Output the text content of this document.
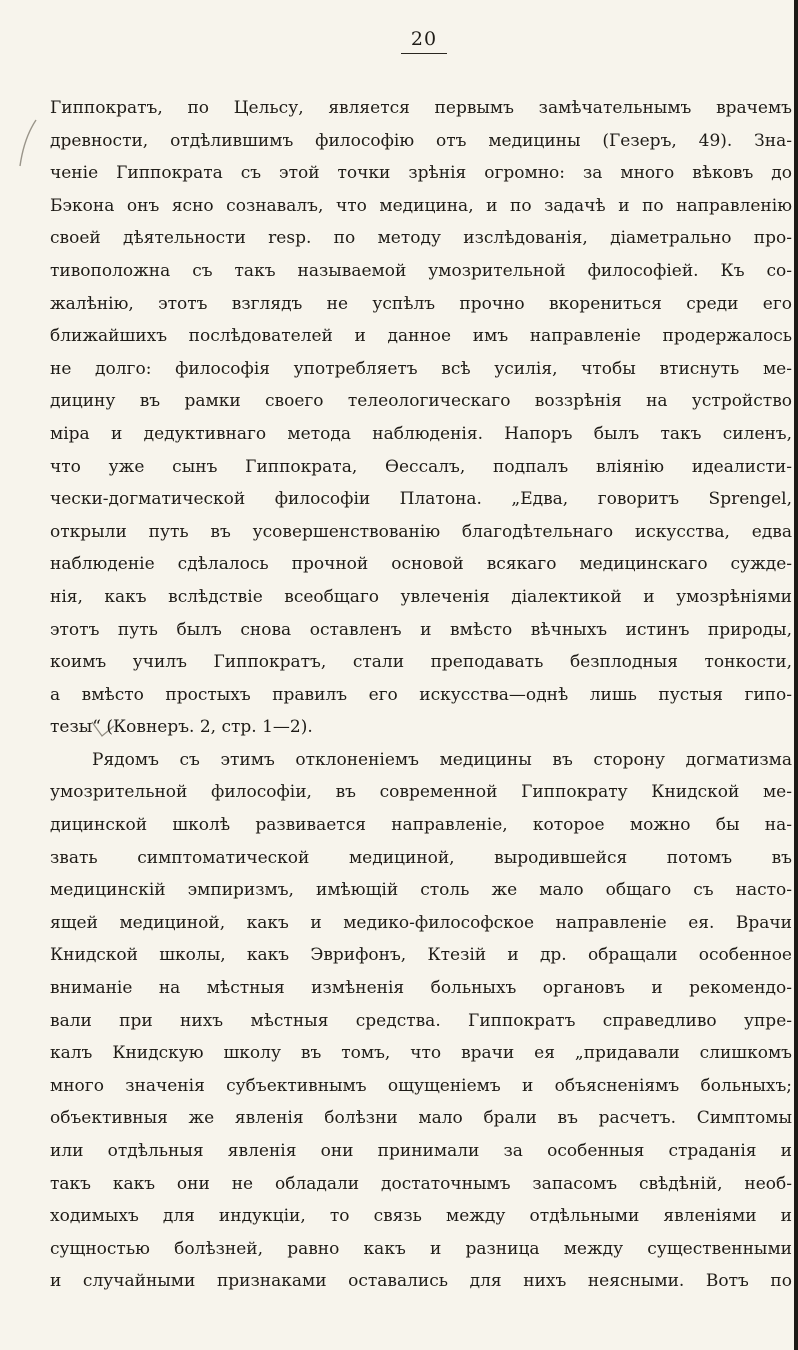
20
Гиппократъ, по Цельсу, является первымъ замѣчательнымъ врачемъ
древности, отдѣлившимъ философію отъ медицины (Гезеръ, 49). Зна-
ченіе Гиппократа съ этой точки зрѣнія огромно: за много вѣковъ до
Бэкона онъ ясно сознавалъ, что медицина, и по задачѣ и по направленію
своей дѣятельности resp. по методу изслѣдованія, діаметрально про-
тивоположна съ такъ называемой умозрительной философіей. Къ со-
жалѣнію, этотъ взглядъ не успѣлъ прочно вкорениться среди его
ближайшихъ послѣдователей и данное имъ направленіе продержалось
не долго: философія употребляетъ всѣ усилія, чтобы втиснуть ме-
дицину въ рамки своего телеологическаго воззрѣнія на устройство
міра и дедуктивнаго метода наблюденія. Напоръ былъ такъ силенъ,
что уже сынъ Гиппократа, Ѳессалъ, подпалъ вліянію идеалисти-
чески-догматической философіи Платона. „Едва, говоритъ Sprengel,
открыли путь въ усовершенствованію благодѣтельнаго искусства, едва
наблюденіе сдѣлалось прочной основой всякаго медицинскаго сужде-
нія, какъ вслѣдствіе всеобщаго увлеченія діалектикой и умозрѣніями
этотъ путь былъ снова оставленъ и вмѣсто вѣчныхъ истинъ природы,
коимъ училъ Гиппократъ, стали преподавать безплодныя тонкости,
а вмѣсто простыхъ правилъ его искусства—однѣ лишь пустыя гипо-
тезы“ (Ковнеръ. 2, стр. 1—2).
Рядомъ съ этимъ отклоненіемъ медицины въ сторону догматизма
умозрительной философіи, въ современной Гиппократу Книдской ме-
дицинской школѣ развивается направленіе, которое можно бы на-
звать симптоматической медициной, выродившейся потомъ въ
медицинскій эмпиризмъ, имѣющій столь же мало общаго съ насто-
ящей медициной, какъ и медико-философское направленіе ея. Врачи
Книдской школы, какъ Эврифонъ, Ктезій и др. обращали особенное
вниманіе на мѣстныя измѣненія больныхъ органовъ и рекомендо-
вали при нихъ мѣстныя средства. Гиппократъ справедливо упре-
калъ Книдскую школу въ томъ, что врачи ея „придавали слишкомъ
много значенія субъективнымъ ощущеніемъ и объясненіямъ больныхъ;
объективныя же явленія болѣзни мало брали въ расчетъ. Симптомы
или отдѣльныя явленія они принимали за особенныя страданія и
такъ какъ они не обладали достаточнымъ запасомъ свѣдѣній, необ-
ходимыхъ для индукціи, то связь между отдѣльными явленіями и
сущностью болѣзней, равно какъ и разница между существенными
и случайными признаками оставались для нихъ неясными. Вотъ по
